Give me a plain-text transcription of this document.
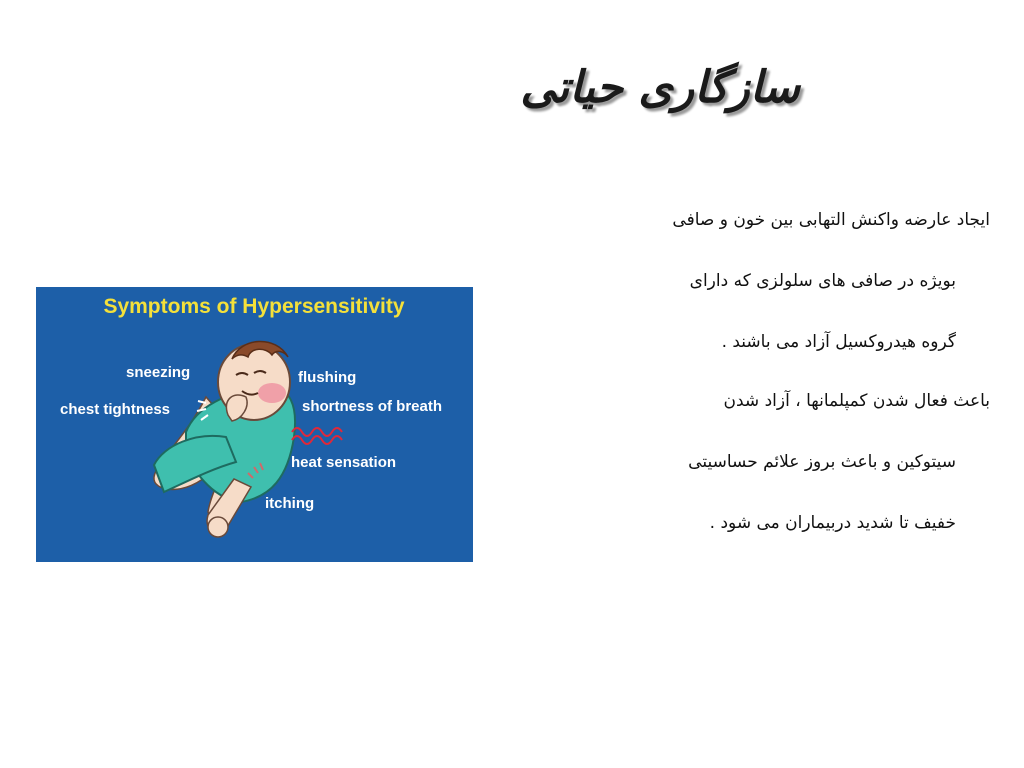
سازگاری حیاتی

ایجاد عارضه واکنش التهابی بین خون و صافی
بویژه در صافی های سلولزی که دارای
گروه هیدروکسیل آزاد می باشند .

باعث فعال شدن کمپلمانها ، آزاد شدن
سیتوکین و باعث بروز علائم حساسیتی
خفیف تا شدید دربیماران می شود .

Symptoms of Hypersensitivity
sneezing
chest tightness
flushing
shortness of breath
heat sensation
itching
